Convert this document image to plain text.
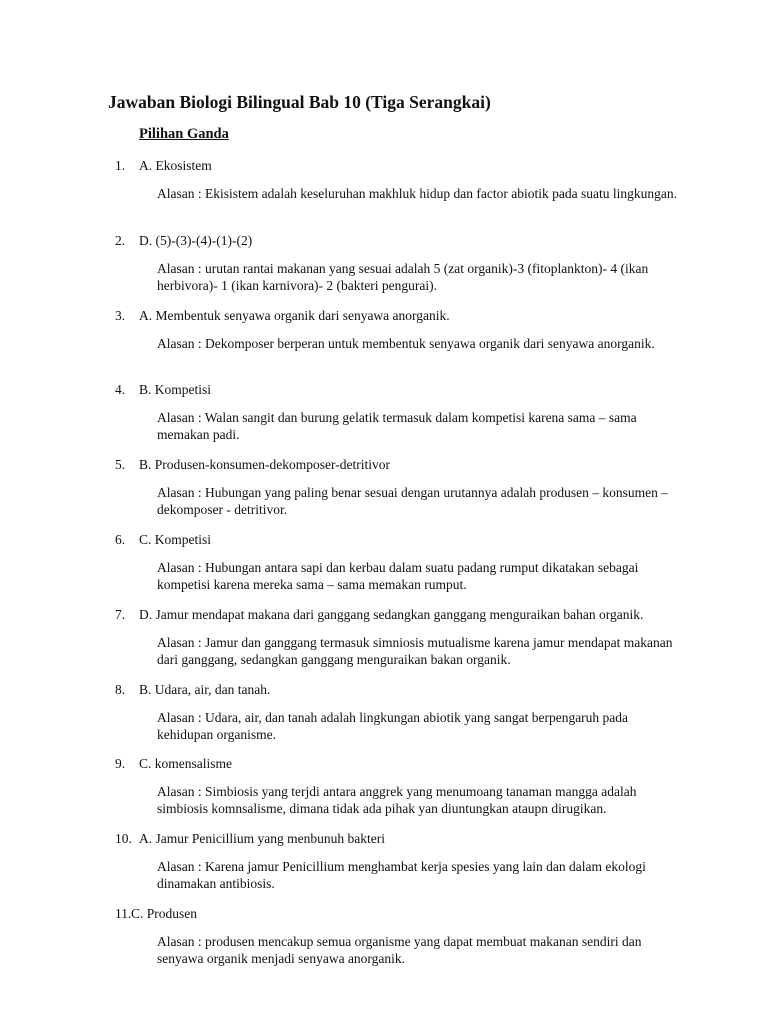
Jawaban Biologi Bilingual Bab 10 (Tiga Serangkai)
Pilihan Ganda
1. A. Ekosistem

Alasan : Ekisistem adalah keseluruhan makhluk hidup dan factor abiotik pada suatu lingkungan.

2. D. (5)-(3)-(4)-(1)-(2)

Alasan : urutan rantai makanan yang sesuai adalah 5 (zat organik)-3 (fitoplankton)- 4 (ikan herbivora)- 1 (ikan karnivora)- 2 (bakteri pengurai).

3. A. Membentuk senyawa organik dari senyawa anorganik.

Alasan : Dekomposer berperan untuk membentuk senyawa organik dari senyawa anorganik.

4. B. Kompetisi

Alasan : Walan sangit dan burung gelatik termasuk dalam kompetisi karena sama – sama memakan padi.

5. B. Produsen-konsumen-dekomposer-detritivor

Alasan : Hubungan yang paling benar sesuai dengan urutannya adalah produsen – konsumen – dekomposer - detritivor.

6. C. Kompetisi

Alasan : Hubungan antara sapi dan kerbau dalam suatu padang rumput dikatakan sebagai kompetisi karena mereka sama – sama memakan rumput.

7. D. Jamur mendapat makana dari ganggang sedangkan ganggang menguraikan bahan organik.

Alasan : Jamur dan ganggang termasuk simniosis mutualisme karena jamur mendapat makanan dari ganggang, sedangkan ganggang menguraikan bakan organik.

8. B. Udara, air, dan tanah.

Alasan : Udara, air, dan tanah adalah lingkungan abiotik yang sangat berpengaruh pada kehidupan organisme.

9. C. komensalisme

Alasan : Simbiosis yang terjdi antara anggrek yang menumoang tanaman mangga adalah simbiosis komnsalisme, dimana tidak ada pihak yan diuntungkan ataupn dirugikan.

10. A. Jamur Penicillium yang menbunuh bakteri

Alasan : Karena jamur Penicillium menghambat kerja spesies yang lain dan dalam ekologi dinamakan antibiosis.

11. C. Produsen

Alasan : produsen mencakup semua organisme yang dapat membuat makanan sendiri dan senyawa organik menjadi senyawa anorganik.
